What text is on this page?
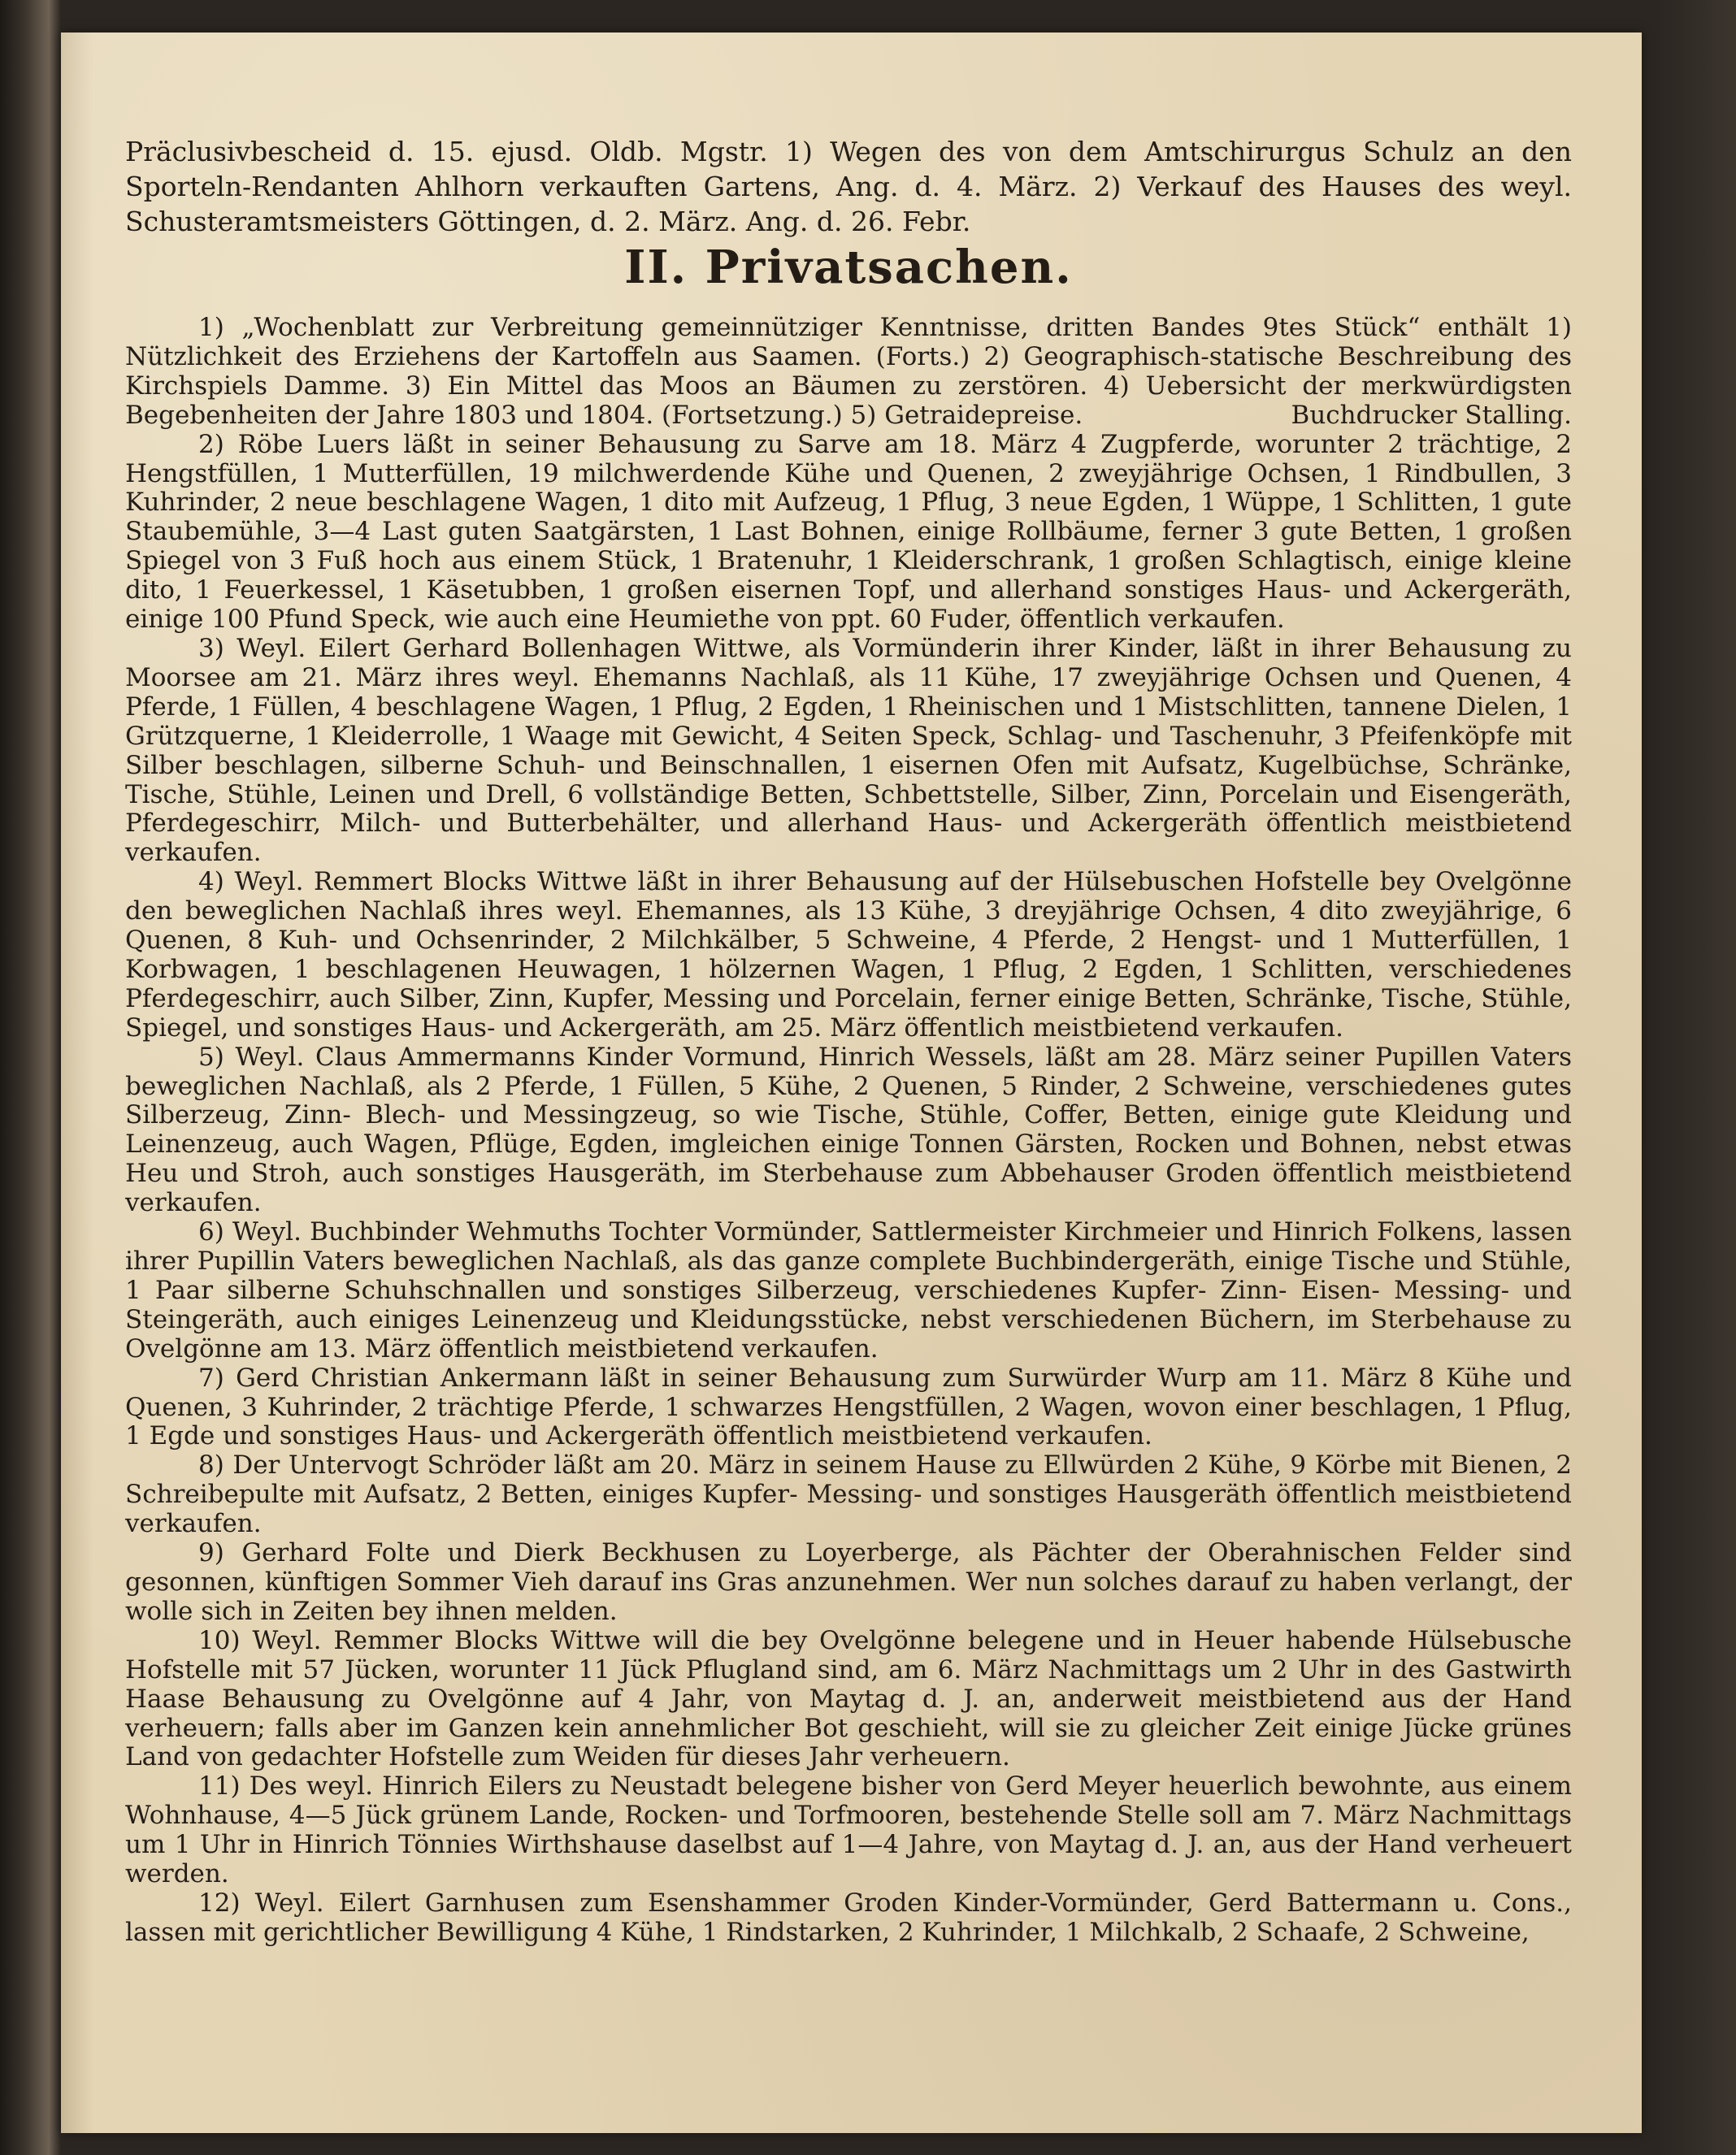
Präclusivbescheid d. 15. ejusd. Oldb. Mgstr. 1) Wegen des von dem Amtschirurgus Schulz an den Sporteln-Rendanten Ahlhorn verkauften Gartens, Ang. d. 4. März. 2) Verkauf des Hauses des weyl. Schusteramtsmeisters Göttingen, d. 2. März. Ang. d. 26. Febr.

II. Privatsachen.

1) „Wochenblatt zur Verbreitung gemeinnütziger Kenntnisse, dritten Bandes 9tes Stück“ enthält 1) Nützlichkeit des Erziehens der Kartoffeln aus Saamen. (Forts.) 2) Geographisch-statische Beschreibung des Kirchspiels Damme. 3) Ein Mittel das Moos an Bäumen zu zerstören. 4) Uebersicht der merkwürdigsten Begebenheiten der Jahre 1803 und 1804. (Fortsetzung.) 5) Getraidepreise.	Buchdrucker Stalling.

2) Röbe Luers läßt in seiner Behausung zu Sarve am 18. März 4 Zugpferde, worunter 2 trächtige, 2 Hengstfüllen, 1 Mutterfüllen, 19 milchwerdende Kühe und Quenen, 2 zweyjährige Ochsen, 1 Rindbullen, 3 Kuhrinder, 2 neue beschlagene Wagen, 1 dito mit Aufzeug, 1 Pflug, 3 neue Egden, 1 Wüppe, 1 Schlitten, 1 gute Staubemühle, 3—4 Last guten Saatgärsten, 1 Last Bohnen, einige Rollbäume, ferner 3 gute Betten, 1 großen Spiegel von 3 Fuß hoch aus einem Stück, 1 Bratenuhr, 1 Kleiderschrank, 1 großen Schlagtisch, einige kleine dito, 1 Feuerkessel, 1 Käsetubben, 1 großen eisernen Topf, und allerhand sonstiges Haus- und Ackergeräth, einige 100 Pfund Speck, wie auch eine Heumiethe von ppt. 60 Fuder, öffentlich verkaufen.

3) Weyl. Eilert Gerhard Bollenhagen Wittwe, als Vormünderin ihrer Kinder, läßt in ihrer Behausung zu Moorsee am 21. März ihres weyl. Ehemanns Nachlaß, als 11 Kühe, 17 zweyjährige Ochsen und Quenen, 4 Pferde, 1 Füllen, 4 beschlagene Wagen, 1 Pflug, 2 Egden, 1 Rheinischen und 1 Mistschlitten, tannene Dielen, 1 Grützquerne, 1 Kleiderrolle, 1 Waage mit Gewicht, 4 Seiten Speck, Schlag- und Taschenuhr, 3 Pfeifenköpfe mit Silber beschlagen, silberne Schuh- und Beinschnallen, 1 eisernen Ofen mit Aufsatz, Kugelbüchse, Schränke, Tische, Stühle, Leinen und Drell, 6 vollständige Betten, Schbettstelle, Silber, Zinn, Porcelain und Eisengeräth, Pferdegeschirr, Milch- und Butterbehälter, und allerhand Haus- und Ackergeräth öffentlich meistbietend verkaufen.

4) Weyl. Remmert Blocks Wittwe läßt in ihrer Behausung auf der Hülsebuschen Hofstelle bey Ovelgönne den beweglichen Nachlaß ihres weyl. Ehemannes, als 13 Kühe, 3 dreyjährige Ochsen, 4 dito zweyjährige, 6 Quenen, 8 Kuh- und Ochsenrinder, 2 Milchkälber, 5 Schweine, 4 Pferde, 2 Hengst- und 1 Mutterfüllen, 1 Korbwagen, 1 beschlagenen Heuwagen, 1 hölzernen Wagen, 1 Pflug, 2 Egden, 1 Schlitten, verschiedenes Pferdegeschirr, auch Silber, Zinn, Kupfer, Messing und Porcelain, ferner einige Betten, Schränke, Tische, Stühle, Spiegel, und sonstiges Haus- und Ackergeräth, am 25. März öffentlich meistbietend verkaufen.

5) Weyl. Claus Ammermanns Kinder Vormund, Hinrich Wessels, läßt am 28. März seiner Pupillen Vaters beweglichen Nachlaß, als 2 Pferde, 1 Füllen, 5 Kühe, 2 Quenen, 5 Rinder, 2 Schweine, verschiedenes gutes Silberzeug, Zinn- Blech- und Messingzeug, so wie Tische, Stühle, Coffer, Betten, einige gute Kleidung und Leinenzeug, auch Wagen, Pflüge, Egden, imgleichen einige Tonnen Gärsten, Rocken und Bohnen, nebst etwas Heu und Stroh, auch sonstiges Hausgeräth, im Sterbehause zum Abbehauser Groden öffentlich meistbietend verkaufen.

6) Weyl. Buchbinder Wehmuths Tochter Vormünder, Sattlermeister Kirchmeier und Hinrich Folkens, lassen ihrer Pupillin Vaters beweglichen Nachlaß, als das ganze complete Buchbindergeräth, einige Tische und Stühle, 1 Paar silberne Schuhschnallen und sonstiges Silberzeug, verschiedenes Kupfer- Zinn- Eisen- Messing- und Steingeräth, auch einiges Leinenzeug und Kleidungsstücke, nebst verschiedenen Büchern, im Sterbehause zu Ovelgönne am 13. März öffentlich meistbietend verkaufen.

7) Gerd Christian Ankermann läßt in seiner Behausung zum Surwürder Wurp am 11. März 8 Kühe und Quenen, 3 Kuhrinder, 2 trächtige Pferde, 1 schwarzes Hengstfüllen, 2 Wagen, wovon einer beschlagen, 1 Pflug, 1 Egde und sonstiges Haus- und Ackergeräth öffentlich meistbietend verkaufen.

8) Der Untervogt Schröder läßt am 20. März in seinem Hause zu Ellwürden 2 Kühe, 9 Körbe mit Bienen, 2 Schreibepulte mit Aufsatz, 2 Betten, einiges Kupfer- Messing- und sonstiges Hausgeräth öffentlich meistbietend verkaufen.

9) Gerhard Folte und Dierk Beckhusen zu Loyerberge, als Pächter der Oberahnischen Felder sind gesonnen, künftigen Sommer Vieh darauf ins Gras anzunehmen. Wer nun solches darauf zu haben verlangt, der wolle sich in Zeiten bey ihnen melden.

10) Weyl. Remmer Blocks Wittwe will die bey Ovelgönne belegene und in Heuer habende Hülsebusche Hofstelle mit 57 Jücken, worunter 11 Jück Pflugland sind, am 6. März Nachmittags um 2 Uhr in des Gastwirth Haase Behausung zu Ovelgönne auf 4 Jahr, von Maytag d. J. an, anderweit meistbietend aus der Hand verheuern; falls aber im Ganzen kein annehmlicher Bot geschieht, will sie zu gleicher Zeit einige Jücke grünes Land von gedachter Hofstelle zum Weiden für dieses Jahr verheuern.

11) Des weyl. Hinrich Eilers zu Neustadt belegene bisher von Gerd Meyer heuerlich bewohnte, aus einem Wohnhause, 4—5 Jück grünem Lande, Rocken- und Torfmooren, bestehende Stelle soll am 7. März Nachmittags um 1 Uhr in Hinrich Tönnies Wirthshause daselbst auf 1—4 Jahre, von Maytag d. J. an, aus der Hand verheuert werden.

12) Weyl. Eilert Garnhusen zum Esenshammer Groden Kinder-Vormünder, Gerd Battermann u. Cons., lassen mit gerichtlicher Bewilligung 4 Kühe, 1 Rindstarken, 2 Kuhrinder, 1 Milchkalb, 2 Schaafe, 2 Schweine,
